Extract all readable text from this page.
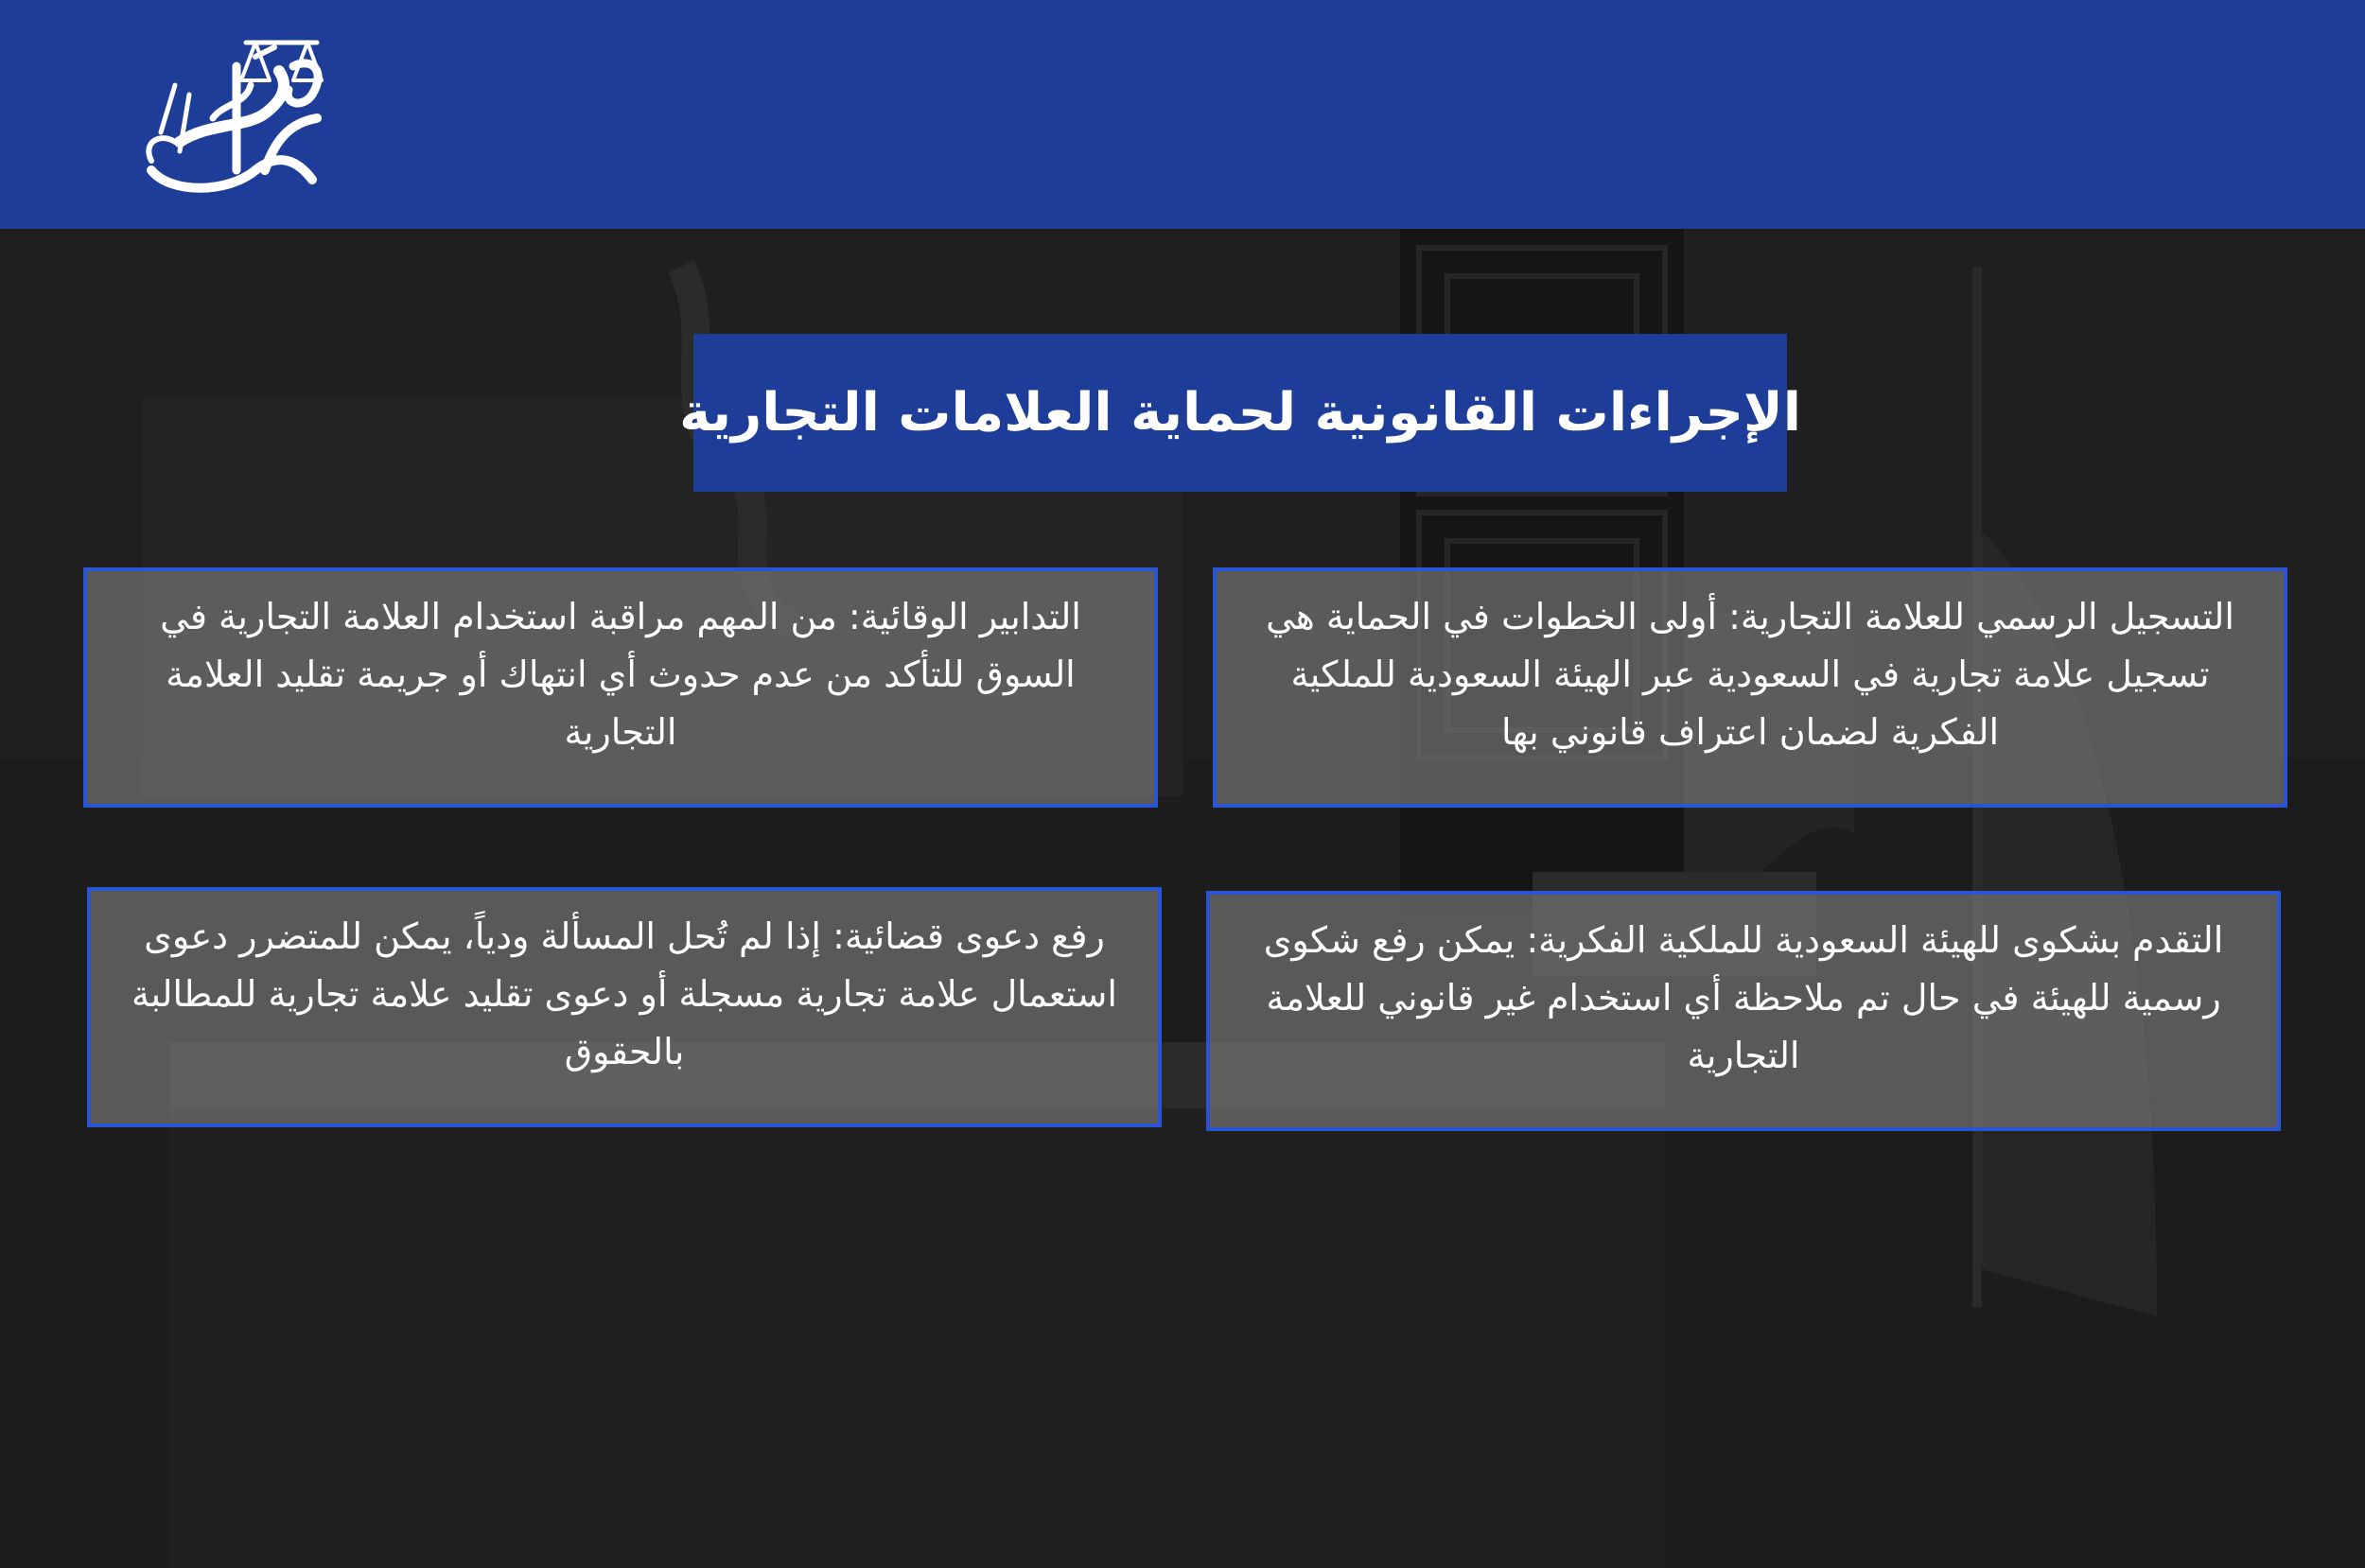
الإجراءات القانونية لحماية العلامات التجارية

التسجيل الرسمي للعلامة التجارية: أولى الخطوات في الحماية هي تسجيل علامة تجارية في السعودية عبر الهيئة السعودية للملكية الفكرية لضمان اعتراف قانوني بها

التدابير الوقائية: من المهم مراقبة استخدام العلامة التجارية في السوق للتأكد من عدم حدوث أي انتهاك أو جريمة تقليد العلامة التجارية

التقدم بشكوى للهيئة السعودية للملكية الفكرية: يمكن رفع شكوى رسمية للهيئة في حال تم ملاحظة أي استخدام غير قانوني للعلامة التجارية

رفع دعوى قضائية: إذا لم تُحل المسألة ودياً، يمكن للمتضرر دعوى استعمال علامة تجارية مسجلة أو دعوى تقليد علامة تجارية للمطالبة بالحقوق
